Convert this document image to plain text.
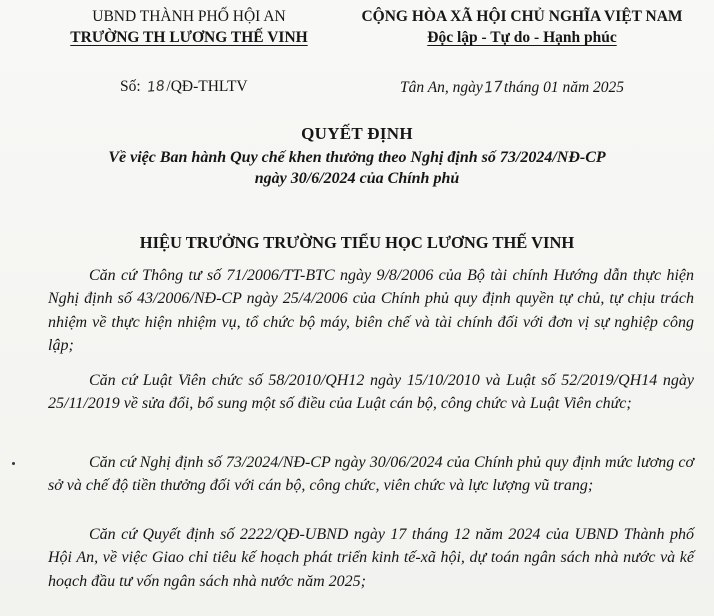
UBND THÀNH PHỐ HỘI AN
TRƯỜNG TH LƯƠNG THẾ VINH
CỘNG HÒA XÃ HỘI CHỦ NGHĨA VIỆT NAM
Độc lập - Tự do - Hạnh phúc
Số: 18/QĐ-THLTV	Tân An, ngày17tháng 01 năm 2025
QUYẾT ĐỊNH
Về việc Ban hành Quy chế khen thưởng theo Nghị định số 73/2024/NĐ-CP
ngày 30/6/2024 của Chính phủ
HIỆU TRƯỞNG TRƯỜNG TIỂU HỌC LƯƠNG THẾ VINH

Căn cứ Thông tư số 71/2006/TT-BTC ngày 9/8/2006 của Bộ tài chính Hướng dẫn thực hiện Nghị định số 43/2006/NĐ-CP ngày 25/4/2006 của Chính phủ quy định quyền tự chủ, tự chịu trách nhiệm về thực hiện nhiệm vụ, tổ chức bộ máy, biên chế và tài chính đối với đơn vị sự nghiệp công lập;

Căn cứ Luật Viên chức số 58/2010/QH12 ngày 15/10/2010 và Luật số 52/2019/QH14 ngày 25/11/2019 về sửa đổi, bổ sung một số điều của Luật cán bộ, công chức và Luật Viên chức;

Căn cứ Nghị định số 73/2024/NĐ-CP ngày 30/06/2024 của Chính phủ quy định mức lương cơ sở và chế độ tiền thưởng đối với cán bộ, công chức, viên chức và lực lượng vũ trang;

Căn cứ Quyết định số 2222/QĐ-UBND ngày 17 tháng 12 năm 2024 của UBND Thành phố Hội An, về việc Giao chỉ tiêu kế hoạch phát triển kinh tế-xã hội, dự toán ngân sách nhà nước và kế hoạch đầu tư vốn ngân sách nhà nước năm 2025;
